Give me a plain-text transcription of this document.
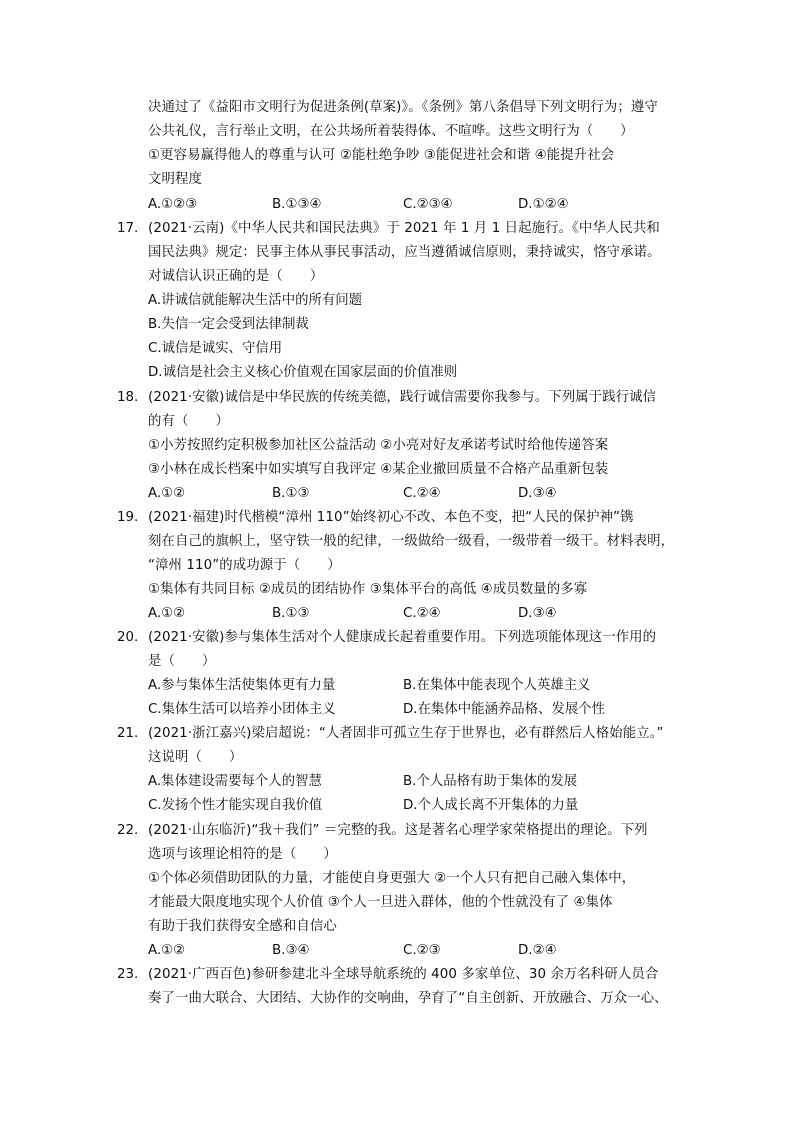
决通过了《益阳市文明行为促进条例(草案)》。《条例》第八条倡导下列文明行为；遵守
公共礼仪，言行举止文明，在公共场所着装得体、不喧哗。这些文明行为（　　）
①更容易赢得他人的尊重与认可 ②能杜绝争吵 ③能促进社会和谐 ④能提升社会
文明程度
A.①②③	B.①③④	C.②③④	D.①②④
17. (2021·云南)《中华人民共和国民法典》于 2021 年 1 月 1 日起施行。《中华人民共和
国民法典》规定：民事主体从事民事活动，应当遵循诚信原则，秉持诚实，恪守承诺。
对诚信认识正确的是（　　）
A.讲诚信就能解决生活中的所有问题
B.失信一定会受到法律制裁
C.诚信是诚实、守信用
D.诚信是社会主义核心价值观在国家层面的价值准则
18. (2021·安徽)诚信是中华民族的传统美德，践行诚信需要你我参与。下列属于践行诚信
的有（　　）
①小芳按照约定积极参加社区公益活动 ②小亮对好友承诺考试时给他传递答案
③小林在成长档案中如实填写自我评定 ④某企业撤回质量不合格产品重新包装
A.①②	B.①③	C.②④	D.③④
19. (2021·福建)时代楷模“漳州 110”始终初心不改、本色不变，把“人民的保护神”镌
刻在自己的旗帜上，坚守铁一般的纪律，一级做给一级看，一级带着一级干。材料表明，
“漳州 110”的成功源于（　　）
①集体有共同目标 ②成员的团结协作 ③集体平台的高低 ④成员数量的多寡
A.①②	B.①③	C.②④	D.③④
20. (2021·安徽)参与集体生活对个人健康成长起着重要作用。下列选项能体现这一作用的
是（　　）
A.参与集体生活使集体更有力量	B.在集体中能表现个人英雄主义
C.集体生活可以培养小团体主义	D.在集体中能涵养品格、发展个性
21. (2021·浙江嘉兴)梁启超说：“人者固非可孤立生存于世界也，必有群然后人格始能立。”
这说明（　　）
A.集体建设需要每个人的智慧	B.个人品格有助于集体的发展
C.发扬个性才能实现自我价值	D.个人成长离不开集体的力量
22. (2021·山东临沂)“我＋我们” ＝完整的我。这是著名心理学家荣格提出的理论。下列
选项与该理论相符的是（　　）
①个体必须借助团队的力量，才能使自身更强大 ②一个人只有把自己融入集体中，
才能最大限度地实现个人价值 ③个人一旦进入群体，他的个性就没有了 ④集体
有助于我们获得安全感和自信心
A.①②	B.③④	C.②③	D.②④
23. (2021·广西百色)参研参建北斗全球导航系统的 400 多家单位、30 余万名科研人员合
奏了一曲大联合、大团结、大协作的交响曲，孕育了“自主创新、开放融合、万众一心、
